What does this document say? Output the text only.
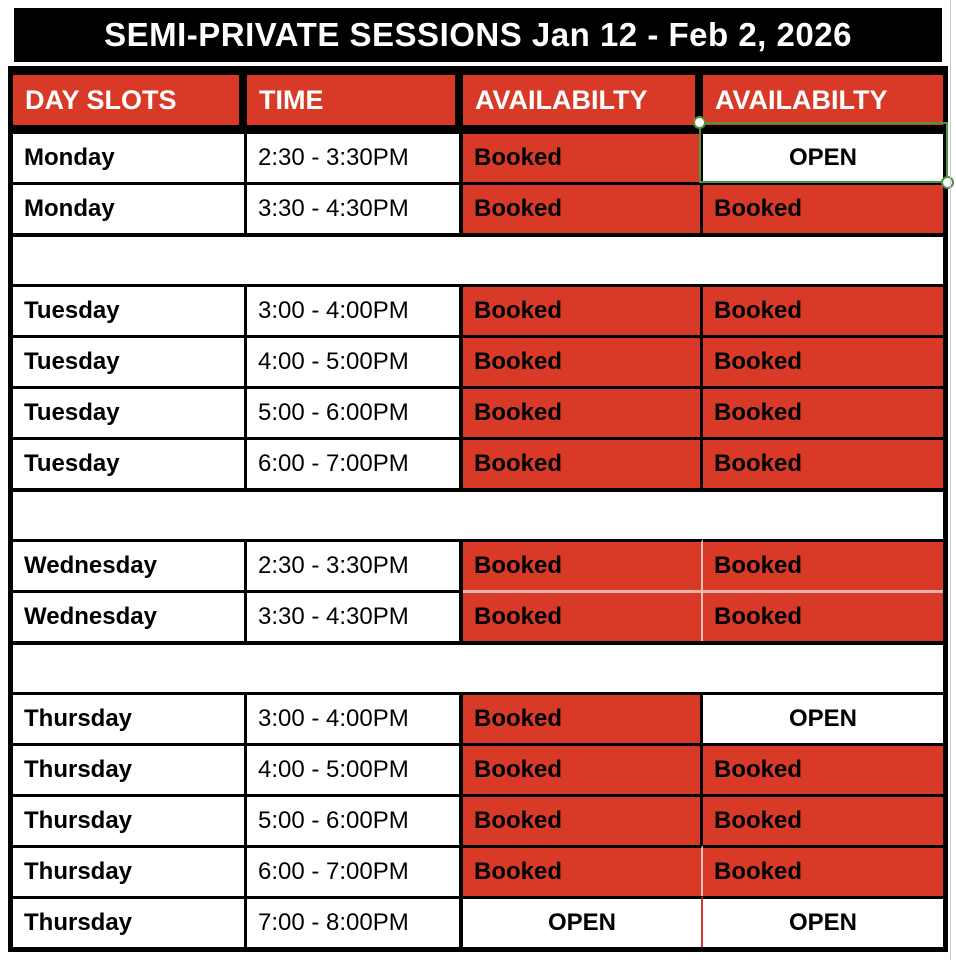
SEMI-PRIVATE SESSIONS Jan 12 - Feb 2, 2026
DAY SLOTS	TIME	AVAILABILTY	AVAILABILTY
Monday	2:30 - 3:30PM	Booked	OPEN
Monday	3:30 - 4:30PM	Booked	Booked
Tuesday	3:00 - 4:00PM	Booked	Booked
Tuesday	4:00 - 5:00PM	Booked	Booked
Tuesday	5:00 - 6:00PM	Booked	Booked
Tuesday	6:00 - 7:00PM	Booked	Booked
Wednesday	2:30 - 3:30PM	Booked	Booked
Wednesday	3:30 - 4:30PM	Booked	Booked
Thursday	3:00 - 4:00PM	Booked	OPEN
Thursday	4:00 - 5:00PM	Booked	Booked
Thursday	5:00 - 6:00PM	Booked	Booked
Thursday	6:00 - 7:00PM	Booked	Booked
Thursday	7:00 - 8:00PM	OPEN	OPEN
